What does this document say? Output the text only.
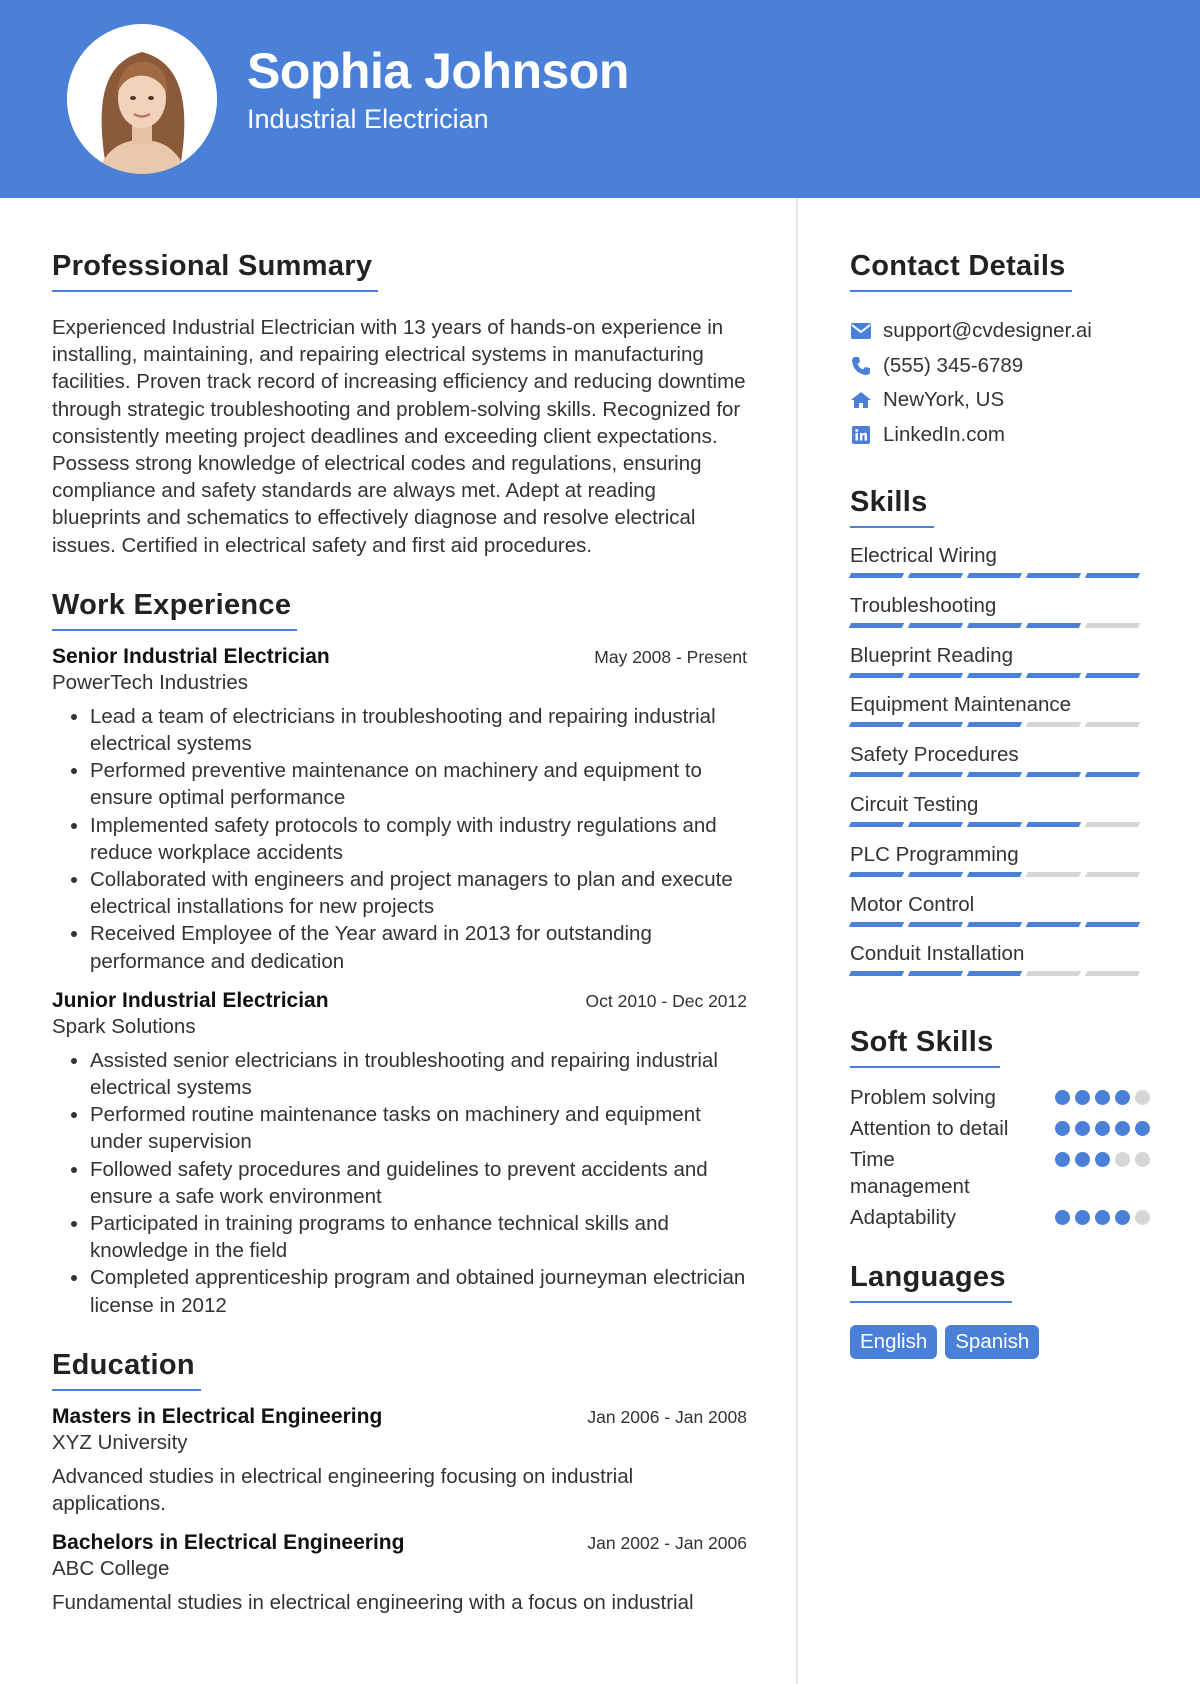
Sophia Johnson
Industrial Electrician
Professional Summary
Experienced Industrial Electrician with 13 years of hands-on experience in installing, maintaining, and repairing electrical systems in manufacturing facilities. Proven track record of increasing efficiency and reducing downtime through strategic troubleshooting and problem-solving skills. Recognized for consistently meeting project deadlines and exceeding client expectations. Possess strong knowledge of electrical codes and regulations, ensuring compliance and safety standards are always met. Adept at reading blueprints and schematics to effectively diagnose and resolve electrical issues. Certified in electrical safety and first aid procedures.
Work Experience
Senior Industrial Electrician	May 2008 - Present
PowerTech Industries
• Lead a team of electricians in troubleshooting and repairing industrial electrical systems
• Performed preventive maintenance on machinery and equipment to ensure optimal performance
• Implemented safety protocols to comply with industry regulations and reduce workplace accidents
• Collaborated with engineers and project managers to plan and execute electrical installations for new projects
• Received Employee of the Year award in 2013 for outstanding performance and dedication
Junior Industrial Electrician	Oct 2010 - Dec 2012
Spark Solutions
• Assisted senior electricians in troubleshooting and repairing industrial electrical systems
• Performed routine maintenance tasks on machinery and equipment under supervision
• Followed safety procedures and guidelines to prevent accidents and ensure a safe work environment
• Participated in training programs to enhance technical skills and knowledge in the field
• Completed apprenticeship program and obtained journeyman electrician license in 2012
Education
Masters in Electrical Engineering	Jan 2006 - Jan 2008
XYZ University
Advanced studies in electrical engineering focusing on industrial applications.
Bachelors in Electrical Engineering	Jan 2002 - Jan 2006
ABC College
Fundamental studies in electrical engineering with a focus on industrial
Contact Details
support@cvdesigner.ai
(555) 345-6789
NewYork, US
LinkedIn.com
Skills
Electrical Wiring
Troubleshooting
Blueprint Reading
Equipment Maintenance
Safety Procedures
Circuit Testing
PLC Programming
Motor Control
Conduit Installation
Soft Skills
Problem solving
Attention to detail
Time management
Adaptability
Languages
English	Spanish
